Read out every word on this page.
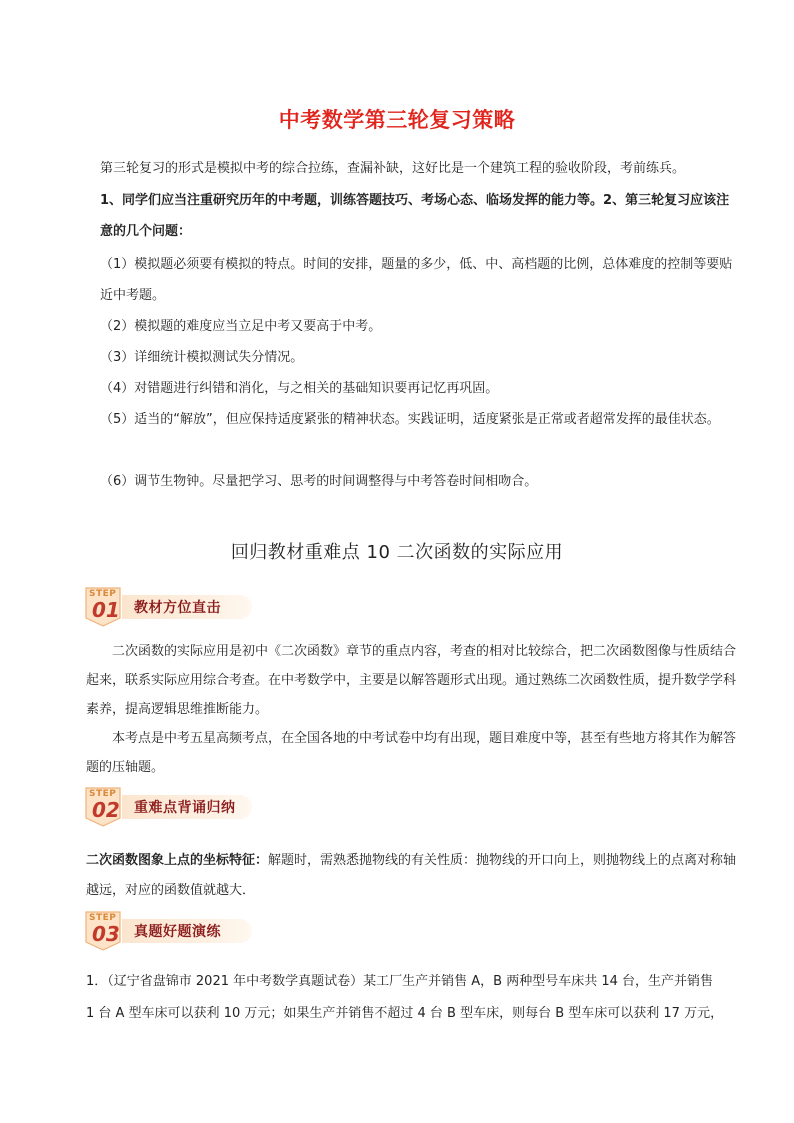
中考数学第三轮复习策略
第三轮复习的形式是模拟中考的综合拉练，查漏补缺，这好比是一个建筑工程的验收阶段，考前练兵。
1、同学们应当注重研究历年的中考题，训练答题技巧、考场心态、临场发挥的能力等。2、第三轮复习应该注意的几个问题：
（1）模拟题必须要有模拟的特点。时间的安排，题量的多少，低、中、高档题的比例，总体难度的控制等要贴近中考题。
（2）模拟题的难度应当立足中考又要高于中考。
（3）详细统计模拟测试失分情况。
（4）对错题进行纠错和消化，与之相关的基础知识要再记忆再巩固。
（5）适当的“解放”，但应保持适度紧张的精神状态。实践证明，适度紧张是正常或者超常发挥的最佳状态。
（6）调节生物钟。尽量把学习、思考的时间调整得与中考答卷时间相吻合。
回归教材重难点 10 二次函数的实际应用
STEP
01 教材方位直击

二次函数的实际应用是初中《二次函数》章节的重点内容，考查的相对比较综合，把二次函数图像与性质结合起来，联系实际应用综合考查。在中考数学中，主要是以解答题形式出现。通过熟练二次函数性质，提升数学学科素养，提高逻辑思维推断能力。

本考点是中考五星高频考点，在全国各地的中考试卷中均有出现，题目难度中等，甚至有些地方将其作为解答题的压轴题。

STEP
02 重难点背诵归纳
二次函数图象上点的坐标特征：解题时，需熟悉抛物线的有关性质：抛物线的开口向上，则抛物线上的点离对称轴越远，对应的函数值就越大．
STEP
03 真题好题演练
1．（辽宁省盘锦市 2021 年中考数学真题试卷）某工厂生产并销售 A，B 两种型号车床共 14 台，生产并销售
1 台 A 型车床可以获利 10 万元；如果生产并销售不超过 4 台 B 型车床，则每台 B 型车床可以获利 17 万元，
